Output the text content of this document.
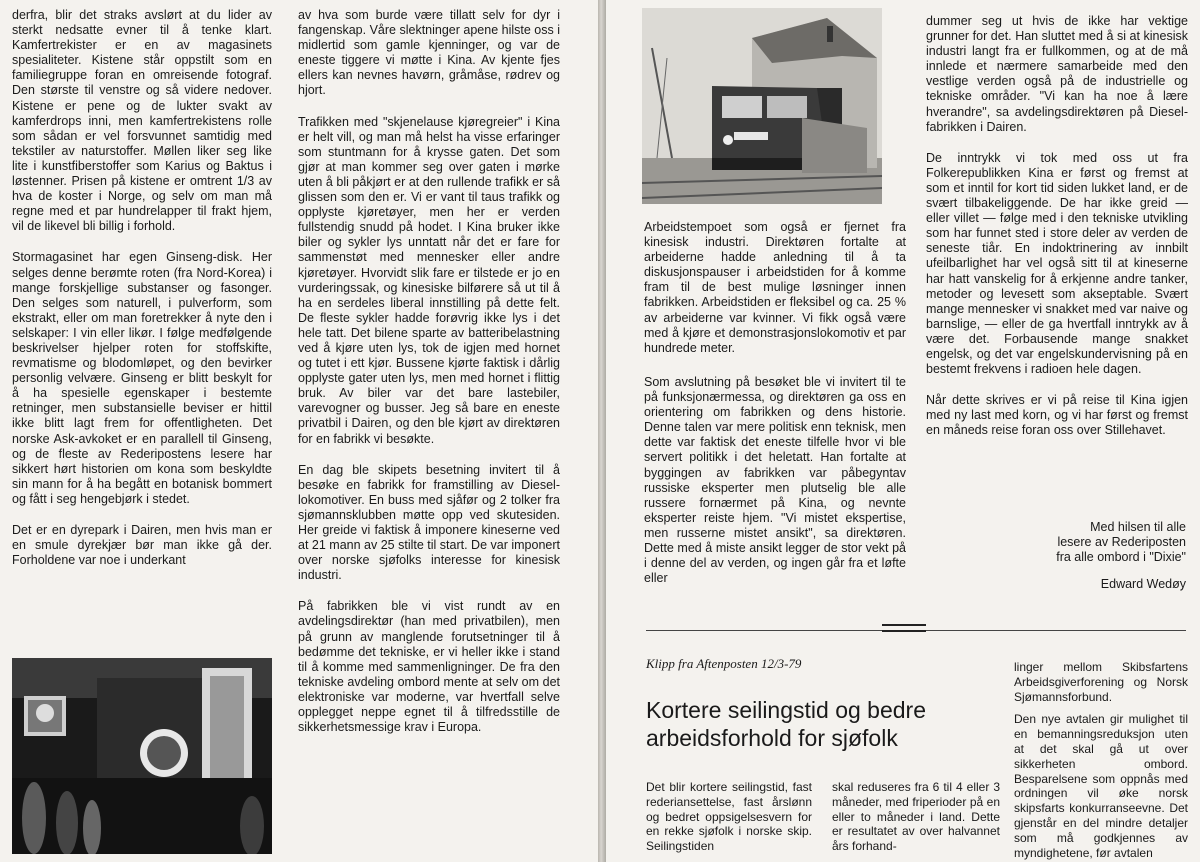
derfra, blir det straks avslørt at du lider av sterkt nedsatte evner til å tenke klart. Kamfertrekister er en av magasinets spesialiteter. Kistene står oppstilt som en familiegruppe foran en omreisende fotograf. Den største til venstre og så videre nedover. Kistene er pene og de lukter svakt av kamferdrops inni, men kamfertrekistens rolle som sådan er vel forsvunnet samtidig med tekstiler av naturstoffer. Møllen liker seg like lite i kunstfiberstoffer som Karius og Baktus i løstenner. Prisen på kistene er omtrent 1/3 av hva de koster i Norge, og selv om man må regne med et par hundrelapper til frakt hjem, vil de likevel bli billig i forhold.

Stormagasinet har egen Ginseng-disk. Her selges denne berømte roten (fra Nord-Korea) i mange forskjellige substanser og fasonger. Den selges som naturell, i pulverform, som ekstrakt, eller om man foretrekker å nyte den i selskaper: I vin eller likør. I følge medfølgende beskrivelser hjelper roten for stoffskifte, revmatisme og blodomløpet, og den bevirker personlig velvære. Ginseng er blitt beskylt for å ha spesielle egenskaper i bestemte retninger, men substansielle beviser er hittil ikke blitt lagt frem for offentligheten. Det norske Ask-avkoket er en parallell til Ginseng, og de fleste av Rederipostens lesere har sikkert hørt historien om kona som beskyldte sin mann for å ha begått en botanisk bommert og fått i seg hengebjørk i stedet.

Det er en dyrepark i Dairen, men hvis man er en smule dyrekjær bør man ikke gå der. Forholdene var noe i underkant

av hva som burde være tillatt selv for dyr i fangenskap. Våre slektninger apene hilste oss i midlertid som gamle kjenninger, og var de eneste tiggere vi møtte i Kina. Av kjente fjes ellers kan nevnes havørn, gråmåse, rødrev og hjort.

Trafikken med "skjenelause kjøregreier" i Kina er helt vill, og man må helst ha visse erfaringer som stuntmann for å krysse gaten. Det som gjør at man kommer seg over gaten i mørke uten å bli påkjørt er at den rullende trafikk er så glissen som den er. Vi er vant til taus trafikk og opplyste kjøretøyer, men her er verden fullstendig snudd på hodet. I Kina bruker ikke biler og sykler lys unntatt når det er fare for sammenstøt med mennesker eller andre kjøretøyer. Hvorvidt slik fare er tilstede er jo en vurderingssak, og kinesiske bilførere så ut til å ha en serdeles liberal innstilling på dette felt. De fleste sykler hadde forøvrig ikke lys i det hele tatt. Det bilene sparte av batteribelastning ved å kjøre uten lys, tok de igjen med hornet og tutet i ett kjør. Bussene kjørte faktisk i dårlig opplyste gater uten lys, men med hornet i flittig bruk. Av biler var det bare lastebiler, varevogner og busser. Jeg så bare en eneste privatbil i Dairen, og den ble kjørt av direktøren for en fabrikk vi besøkte.

En dag ble skipets besetning invitert til å besøke en fabrikk for framstilling av Diesel-lokomotiver. En buss med sjåfør og 2 tolker fra sjømannsklubben møtte opp ved skutesiden. Her greide vi faktisk å imponere kineserne ved at 21 mann av 25 stilte til start. De var imponert over norske sjøfolks interesse for kinesisk industri.

På fabrikken ble vi vist rundt av en avdelingsdirektør (han med privatbilen), men på grunn av manglende forutsetninger til å bedømme det tekniske, er vi heller ikke i stand til å komme med sammenligninger. De fra den tekniske avdeling ombord mente at selv om det elektroniske var moderne, var hvertfall selve opplegget neppe egnet til å tilfredsstille de sikkerhetsmessige krav i Europa.

Arbeidstempoet som også er fjernet fra kinesisk industri. Direktøren fortalte at arbeiderne hadde anledning til å ta diskusjonspauser i arbeidstiden for å komme fram til de best mulige løsninger innen fabrikken. Arbeidstiden er fleksibel og ca. 25 % av arbeiderne var kvinner. Vi fikk også være med å kjøre et demonstrasjonslokomotiv et par hundrede meter.

Som avslutning på besøket ble vi invitert til te på funksjonærmessa, og direktøren ga oss en orientering om fabrikken og dens historie. Denne talen var mere politisk enn teknisk, men dette var faktisk det eneste tilfelle hvor vi ble servert politikk i det heletatt. Han fortalte at byggingen av fabrikken var påbegyntav russiske eksperter men plutselig ble alle russere fornærmet på Kina, og nevnte eksperter reiste hjem. "Vi mistet ekspertise, men russerne mistet ansikt", sa direktøren. Dette med å miste ansikt legger de stor vekt på i denne del av verden, og ingen går fra et løfte eller

dummer seg ut hvis de ikke har vektige grunner for det. Han sluttet med å si at kinesisk industri langt fra er fullkommen, og at de må innlede et nærmere samarbeide med den vestlige verden også på de industrielle og tekniske områder. "Vi kan ha noe å lære hverandre", sa avdelingsdirektøren på Diesel-fabrikken i Dairen.

De inntrykk vi tok med oss ut fra Folkerepublikken Kina er først og fremst at som et inntil for kort tid siden lukket land, er de svært tilbakeliggende. De har ikke greid — eller villet — følge med i den tekniske utvikling som har funnet sted i store deler av verden de seneste tiår. En indoktrinering av innbilt ufeilbarlighet har vel også sitt til at kineserne har hatt vanskelig for å erkjenne andre tanker, metoder og levesett som akseptable. Svært mange mennesker vi snakket med var naive og barnslige, — eller de ga hvertfall inntrykk av å være det. Forbausende mange snakket engelsk, og det var engelskundervisning på en bestemt frekvens i radioen hele dagen.

Når dette skrives er vi på reise til Kina igjen med ny last med korn, og vi har først og fremst en måneds reise foran oss over Stillehavet.

Med hilsen til alle
lesere av Rederiposten
fra alle ombord i "Dixie"
Edward Wedøy
Klipp fra Aftenposten 12/3-79
Kortere seilingstid og bedre
arbeidsforhold for sjøfolk

Det blir kortere seilingstid, fast rederiansettelse, fast årslønn og bedret oppsigelsesvern for en rekke sjøfolk i norske skip. Seilingstiden

skal reduseres fra 6 til 4 eller 3 måneder, med friperioder på en eller to måneder i land. Dette er resultatet av over halvannet års forhand-

linger mellom Skibsfartens Arbeidsgiverforening og Norsk Sjømannsforbund.

Den nye avtalen gir mulighet til en bemanningsreduksjon uten at det skal gå ut over sikkerheten ombord. Besparelsene som oppnås med ordningen vil øke norsk skipsfarts konkurranseevne. Det gjenstår en del mindre detaljer som må godkjennes av myndighetene, før avtalen
